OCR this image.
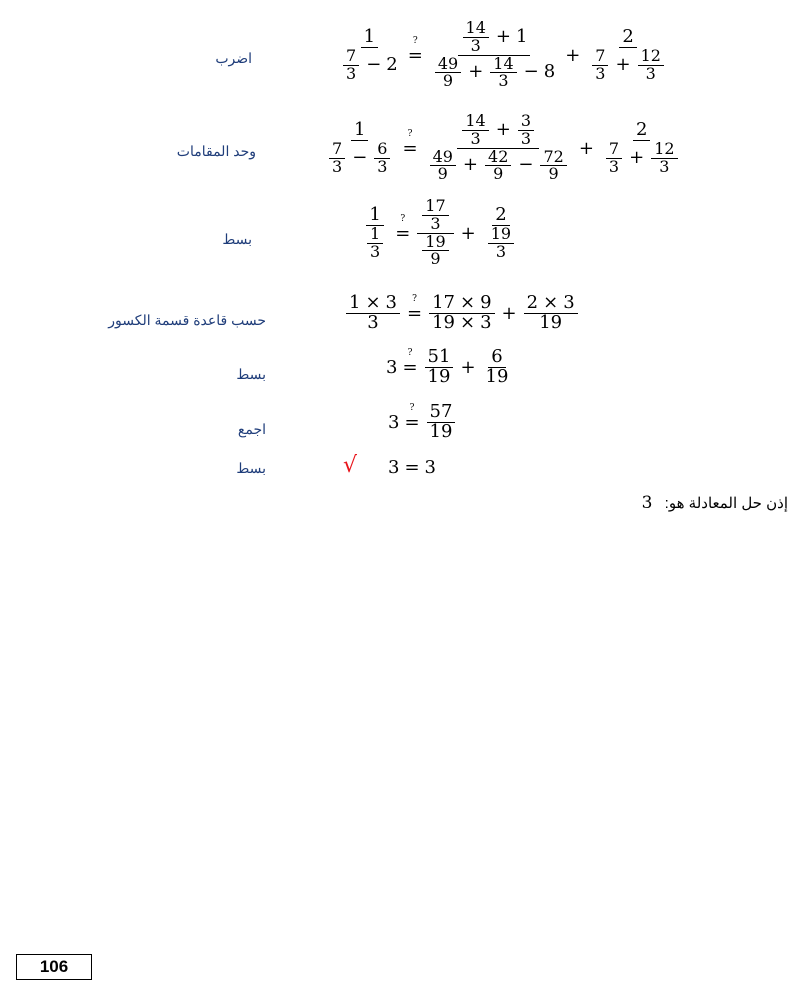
اضرب
وحد المقامات
بسط
حسب قاعدة قسمة الكسور
بسط
اجمع
بسط
$\frac{1}{\frac{7}{3} - 2}$ ?
= $\frac{\frac{14}{3} + 1}{\frac{49}{9} + \frac{14}{3} - 8} + \frac{2}{\frac{7}{3} + \frac{12}{3}}$
$\frac{1}{\frac{7}{3} - \frac{6}{3}}$ ?
= $\frac{\frac{14}{3} + \frac{3}{3}}{\frac{49}{9} + \frac{42}{9} - \frac{72}{9}} + \frac{2}{\frac{7}{3} + \frac{12}{3}}$
$\frac{1}{\frac{1}{3}}$ ?
= $\frac{\frac{17}{3}}{\frac{19}{9}} + \frac{2}{\frac{19}{3}}$
$\frac{1 \times 3}{3}$ ?
= $\frac{17 \times 9}{19 \times 3} + \frac{2 \times 3}{19}$
3
?
= $\frac{51}{19} + \frac{6}{19}$
3
?
= $\frac{57}{19}$
√ 3 = 3
إذن حل المعادلة هو: 3
106
